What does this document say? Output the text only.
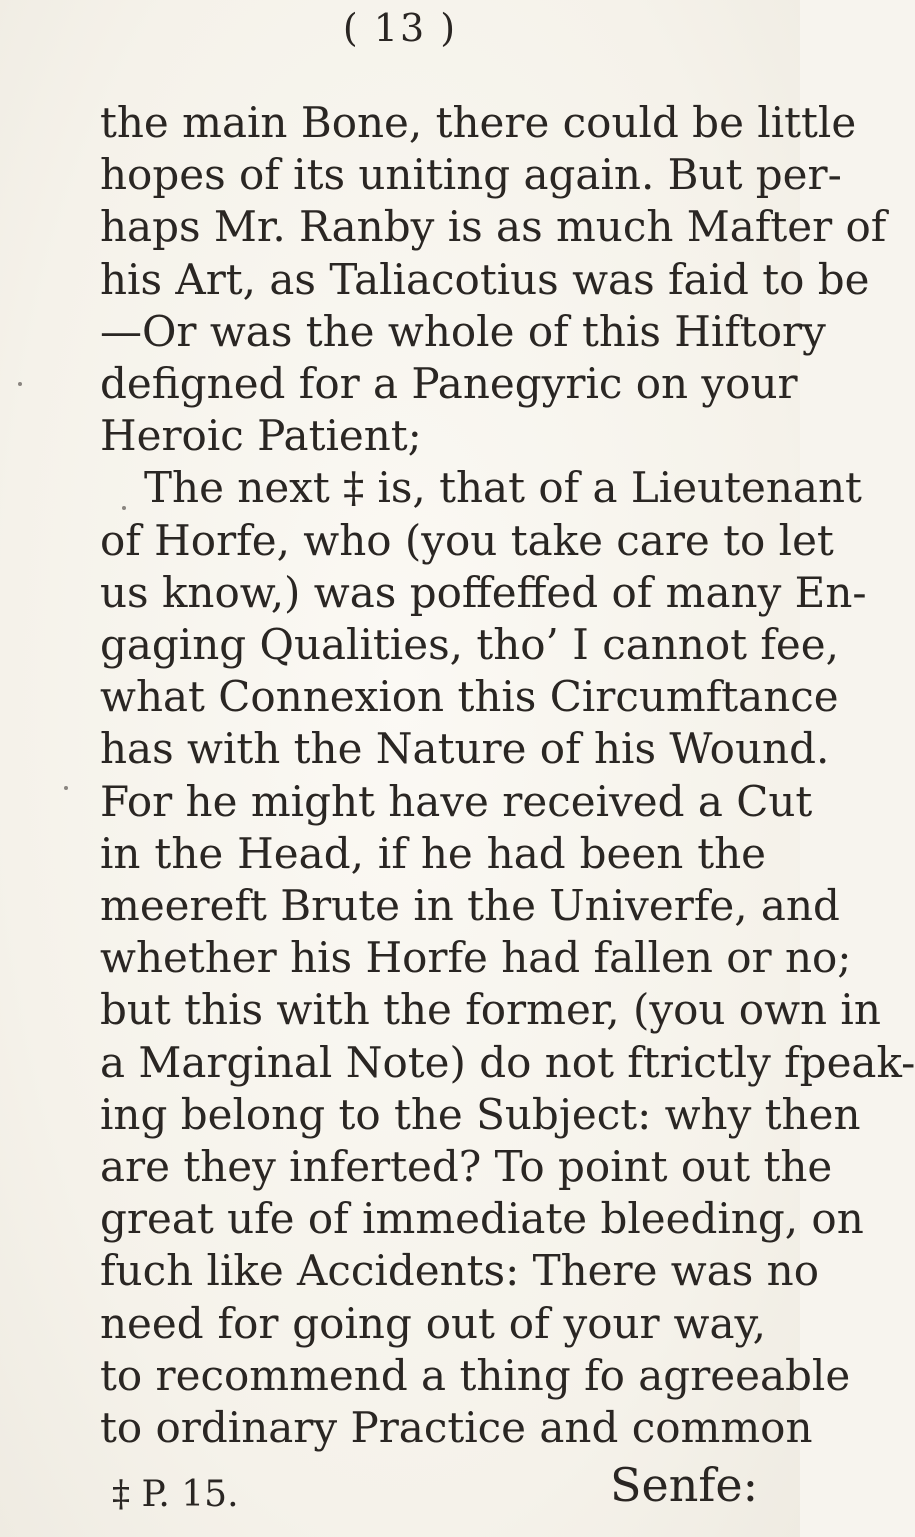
( 13 )
the main Bone, there could be little
hopes of its uniting again. But per-
haps Mr. Ranby is as much Mafter of
his Art, as Taliacotius was faid to be
—Or was the whole of this Hiftory
defigned for a Panegyric on your
Heroic Patient;
The next ‡ is, that of a Lieutenant
of Horfe, who (you take care to let
us know,) was poffeffed of many En-
gaging Qualities, tho’ I cannot fee,
what Connexion this Circumftance
has with the Nature of his Wound.
For he might have received a Cut
in the Head, if he had been the
meereft Brute in the Univerfe, and
whether his Horfe had fallen or no;
but this with the former, (you own in
a Marginal Note) do not ftrictly fpeak-
ing belong to the Subject: why then
are they inferted? To point out the
great ufe of immediate bleeding, on
fuch like Accidents: There was no
need for going out of your way,
‡ P. 15.	Senfe:
to recommend a thing fo agreeable
to ordinary Practice and common
